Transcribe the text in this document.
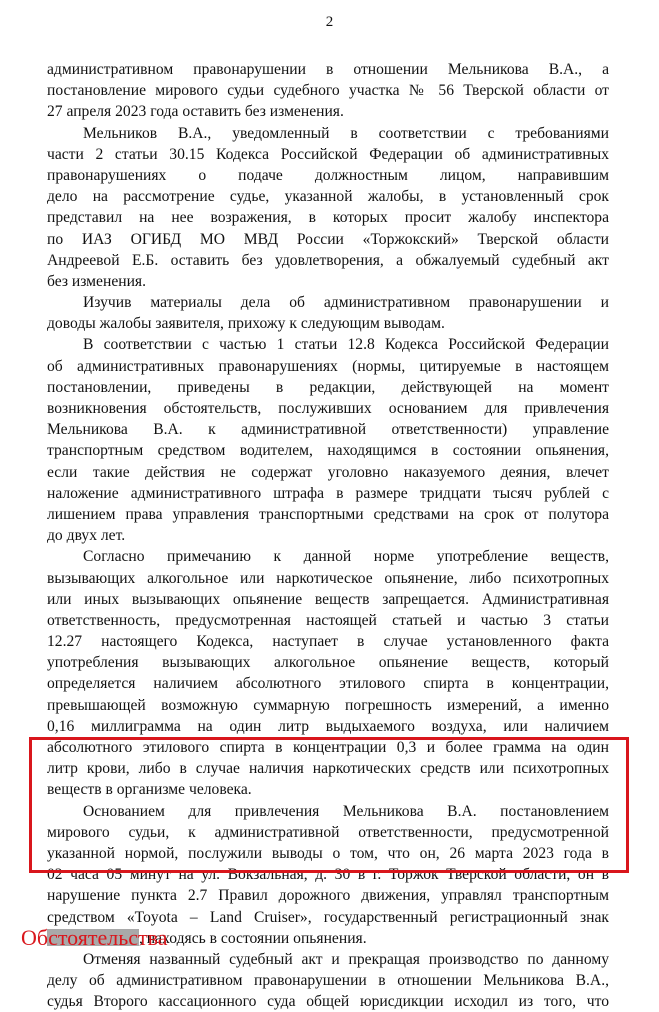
2
административном правонарушении в отношении Мельникова В.А., а
постановление мирового судьи судебного участка № 56 Тверской области от
27 апреля 2023 года оставить без изменения.
Мельников В.А., уведомленный в соответствии с требованиями
части 2 статьи 30.15 Кодекса Российской Федерации об административных
правонарушениях о подаче должностным лицом, направившим
дело на рассмотрение судье, указанной жалобы, в установленный срок
представил на нее возражения, в которых просит жалобу инспектора
по ИАЗ ОГИБД МО МВД России «Торжокский» Тверской области
Андреевой Е.Б. оставить без удовлетворения, а обжалуемый судебный акт
без изменения.
Изучив материалы дела об административном правонарушении и
доводы жалобы заявителя, прихожу к следующим выводам.
В соответствии с частью 1 статьи 12.8 Кодекса Российской Федерации
об административных правонарушениях (нормы, цитируемые в настоящем
постановлении, приведены в редакции, действующей на момент
возникновения обстоятельств, послуживших основанием для привлечения
Мельникова В.А. к административной ответственности) управление
транспортным средством водителем, находящимся в состоянии опьянения,
если такие действия не содержат уголовно наказуемого деяния, влечет
наложение административного штрафа в размере тридцати тысяч рублей с
лишением права управления транспортными средствами на срок от полутора
до двух лет.
Согласно примечанию к данной норме употребление веществ,
вызывающих алкогольное или наркотическое опьянение, либо психотропных
или иных вызывающих опьянение веществ запрещается. Административная
ответственность, предусмотренная настоящей статьей и частью 3 статьи
12.27 настоящего Кодекса, наступает в случае установленного факта
употребления вызывающих алкогольное опьянение веществ, который
определяется наличием абсолютного этилового спирта в концентрации,
превышающей возможную суммарную погрешность измерений, а именно
0,16 миллиграмма на один литр выдыхаемого воздуха, или наличием
абсолютного этилового спирта в концентрации 0,3 и более грамма на один
литр крови, либо в случае наличия наркотических средств или психотропных
веществ в организме человека.
Основанием для привлечения Мельникова В.А. постановлением
мирового судьи, к административной ответственности, предусмотренной
указанной нормой, послужили выводы о том, что он, 26 марта 2023 года в
02 часа 05 минут на ул. Вокзальная, д. 30 в г. Торжок Тверской области, он в
нарушение пункта 2.7 Правил дорожного движения, управлял транспортным
средством «Toyota – Land Cruiser», государственный регистрационный знак
, находясь в состоянии опьянения.
Отменяя названный судебный акт и прекращая производство по данному
делу об административном правонарушении в отношении Мельникова В.А.,
судья Второго кассационного суда общей юрисдикции исходил из того, что
Обстоятельства
